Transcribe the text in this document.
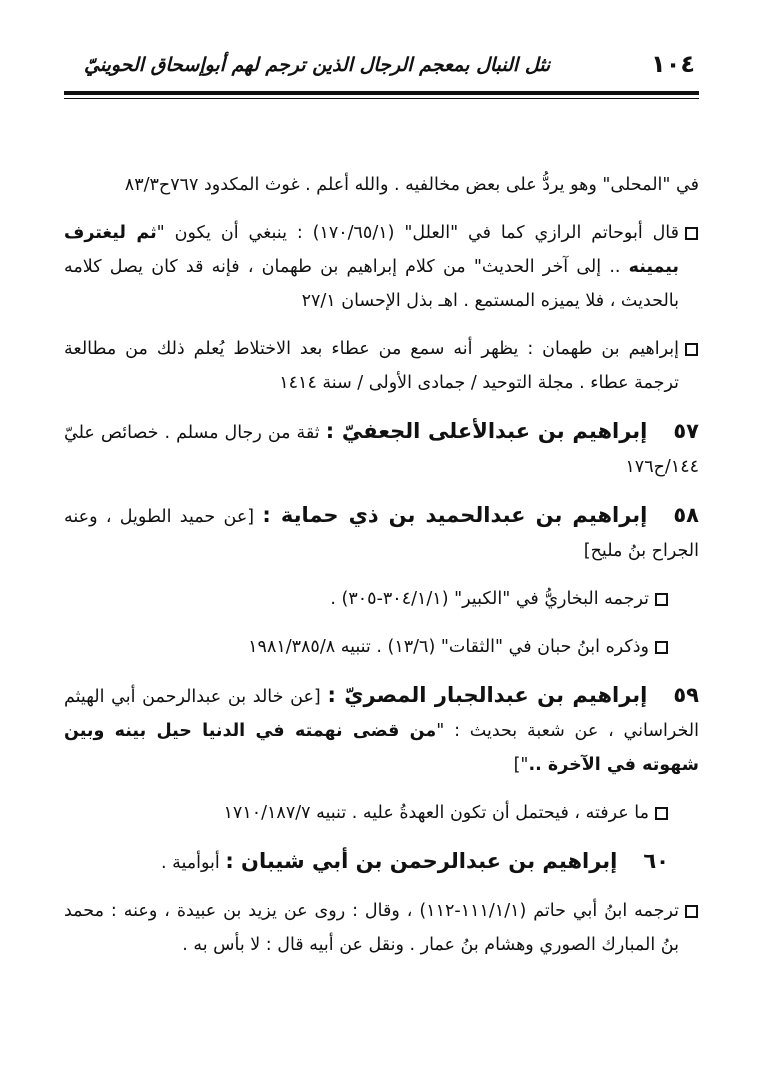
١٠٤
نثل النبال بمعجم الرجال الذين ترجم لهم أبوإسحاق الحوينيّ

في "المحلى" وهو يردُّ على بعض مخالفيه . والله أعلم . غوث المكدود ٧٦٧ح٨٣/٣

قال أبوحاتم الرازي كما في "العلل" (١٧٠/٦٥/١) : ينبغي أن يكون "ثم ليغترف بيمينه .. إلى آخر الحديث" من كلام إبراهيم بن طهمان ، فإنه قد كان يصل كلامه بالحديث ، فلا يميزه المستمع . اهـ بذل الإحسان ٢٧/١

إبراهيم بن طهمان : يظهر أنه سمع من عطاء بعد الاختلاط يُعلم ذلك من مطالعة ترجمة عطاء . مجلة التوحيد / جمادى الأولى / سنة ١٤١٤

٥٧إبراهيم بن عبدالأعلى الجعفيّ : ثقة من رجال مسلم . خصائص عليّ ١٤٤/ح١٧٦

٥٨إبراهيم بن عبدالحميد بن ذي حماية : [عن حميد الطويل ، وعنه الجراح بنُ مليح]

ترجمه البخاريُّ في "الكبير" (٣٠٤/١/١-٣٠٥) .

وذكره ابنُ حبان في "الثقات" (١٣/٦) . تنبيه ١٩٨١/٣٨٥/٨

٥٩إبراهيم بن عبدالجبار المصريّ : [عن خالد بن عبدالرحمن أبي الهيثم الخراساني ، عن شعبة بحديث : "من قضى نهمته في الدنيا حيل بينه وبين شهوته في الآخرة .."]

ما عرفته ، فيحتمل أن تكون العهدةُ عليه . تنبيه ١٧١٠/١٨٧/٧

٦٠إبراهيم بن عبدالرحمن بن أبي شيبان : أبوأمية .

ترجمه ابنُ أبي حاتم (١١١/١/١-١١٢) ، وقال : روى عن يزيد بن عبيدة ، وعنه : محمد بنُ المبارك الصوري وهشام بنُ عمار . ونقل عن أبيه قال : لا بأس به .
